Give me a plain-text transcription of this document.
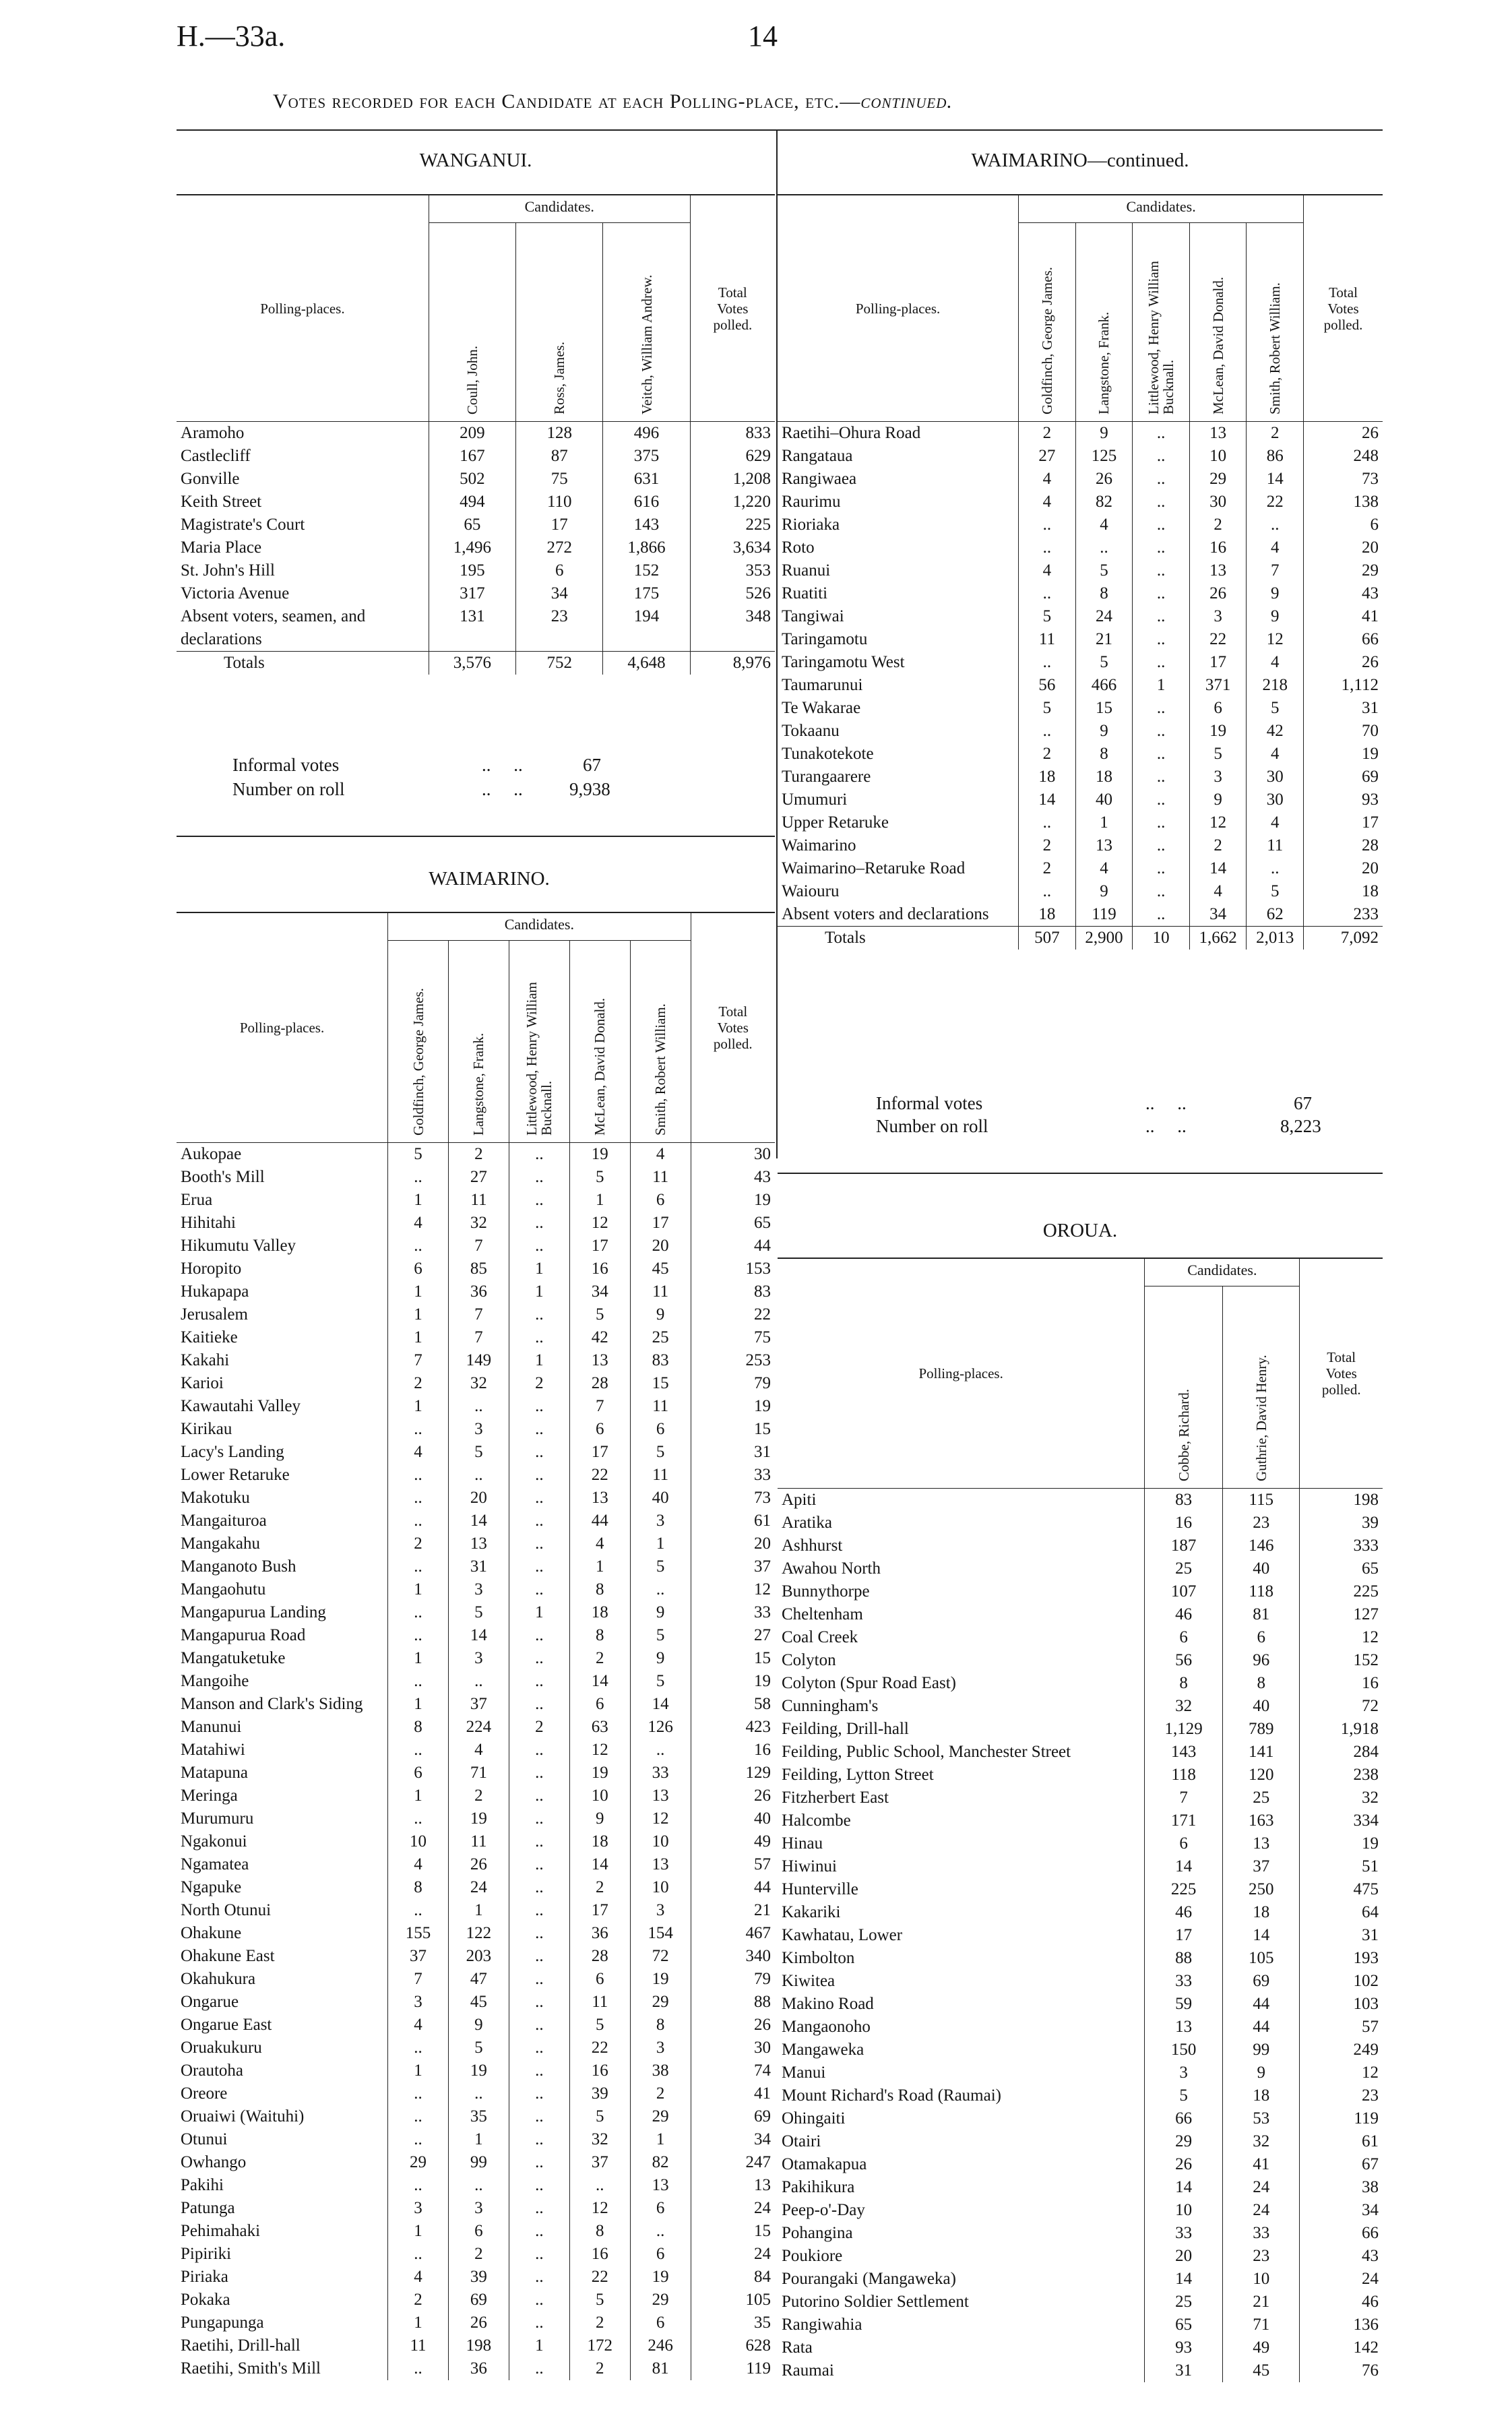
H.—33a.	14
Votes recorded for each Candidate at each Polling-place, etc.—continued.
WANGANUI.
Polling-places.	Candidates.			Total Votes polled.
	Coull, John.	Ross, James.	Veitch, William Andrew.	
Aramoho	209	128	496	833
Castlecliff	167	87	375	629
Gonville	502	75	631	1,208
Keith Street	494	110	616	1,220
Magistrate's Court	65	17	143	225
Maria Place	1,496	272	1,866	3,634
St. John's Hill	195	6	152	353
Victoria Avenue	317	34	175	526
Absent voters, seamen, and declarations	131	23	194	348
Totals	3,576	752	4,648	8,976
Informal votes	..     ..	67
Number on roll	..     ..	9,938
WAIMARINO.
Polling-places.	Candidates.					Total Votes polled.
	Goldfinch, George James.	Langstone, Frank.	Littlewood, Henry William Bucknall.	McLean, David Donald.	Smith, Robert William.	
Aukopae	5	2	..	19	4	30
Booth's Mill	..	27	..	5	11	43
Erua	1	11	..	1	6	19
Hihitahi	4	32	..	12	17	65
Hikumutu Valley	..	7	..	17	20	44
Horopito	6	85	1	16	45	153
Hukapapa	1	36	1	34	11	83
Jerusalem	1	7	..	5	9	22
Kaitieke	1	7	..	42	25	75
Kakahi	7	149	1	13	83	253
Karioi	2	32	2	28	15	79
Kawautahi Valley	1	..	..	7	11	19
Kirikau	..	3	..	6	6	15
Lacy's Landing	4	5	..	17	5	31
Lower Retaruke	..	..	..	22	11	33
Makotuku	..	20	..	13	40	73
Mangaituroa	..	14	..	44	3	61
Mangakahu	2	13	..	4	1	20
Manganoto Bush	..	31	..	1	5	37
Mangaohutu	1	3	..	8	..	12
Mangapurua Landing	..	5	1	18	9	33
Mangapurua Road	..	14	..	8	5	27
Mangatuketuke	1	3	..	2	9	15
Mangoihe	..	..	..	14	5	19
Manson and Clark's Siding	1	37	..	6	14	58
Manunui	8	224	2	63	126	423
Matahiwi	..	4	..	12	..	16
Matapuna	6	71	..	19	33	129
Meringa	1	2	..	10	13	26
Murumuru	..	19	..	9	12	40
Ngakonui	10	11	..	18	10	49
Ngamatea	4	26	..	14	13	57
Ngapuke	8	24	..	2	10	44
North Otunui	..	1	..	17	3	21
Ohakune	155	122	..	36	154	467
Ohakune East	37	203	..	28	72	340
Okahukura	7	47	..	6	19	79
Ongarue	3	45	..	11	29	88
Ongarue East	4	9	..	5	8	26
Oruakukuru	..	5	..	22	3	30
Orautoha	1	19	..	16	38	74
Oreore	..	..	..	39	2	41
Oruaiwi (Waituhi)	..	35	..	5	29	69
Otunui	..	1	..	32	1	34
Owhango	29	99	..	37	82	247
Pakihi	..	..	..	..	13	13
Patunga	3	3	..	12	6	24
Pehimahaki	1	6	..	8	..	15
Pipiriki	..	2	..	16	6	24
Piriaka	4	39	..	22	19	84
Pokaka	2	69	..	5	29	105
Pungapunga	1	26	..	2	6	35
Raetihi, Drill-hall	11	198	1	172	246	628
Raetihi, Smith's Mill	..	36	..	2	81	119
WAIMARINO—continued.
Polling-places.	Candidates.					Total Votes polled.
	Goldfinch, George James.	Langstone, Frank.	Littlewood, Henry William Bucknall.	McLean, David Donald.	Smith, Robert William.	
Raetihi–Ohura Road	2	9	..	13	2	26
Rangataua	27	125	..	10	86	248
Rangiwaea	4	26	..	29	14	73
Raurimu	4	82	..	30	22	138
Rioriaka	..	4	..	2	..	6
Roto	..	..	..	16	4	20
Ruanui	4	5	..	13	7	29
Ruatiti	..	8	..	26	9	43
Tangiwai	5	24	..	3	9	41
Taringamotu	11	21	..	22	12	66
Taringamotu West	..	5	..	17	4	26
Taumarunui	56	466	1	371	218	1,112
Te Wakarae	5	15	..	6	5	31
Tokaanu	..	9	..	19	42	70
Tunakotekote	2	8	..	5	4	19
Turangaarere	18	18	..	3	30	69
Umumuri	14	40	..	9	30	93
Upper Retaruke	..	1	..	12	4	17
Waimarino	2	13	..	2	11	28
Waimarino–Retaruke Road	2	4	..	14	..	20
Waiouru	..	9	..	4	5	18
Absent voters and declarations	18	119	..	34	62	233
Totals	507	2,900	10	1,662	2,013	7,092
Informal votes	..     ..	67
Number on roll	..     ..	8,223
OROUA.
Polling-places.	Candidates.		Total Votes polled.
	Cobbe, Richard.	Guthrie, David Henry.	
Apiti	83	115	198
Aratika	16	23	39
Ashhurst	187	146	333
Awahou North	25	40	65
Bunnythorpe	107	118	225
Cheltenham	46	81	127
Coal Creek	6	6	12
Colyton	56	96	152
Colyton (Spur Road East)	8	8	16
Cunningham's	32	40	72
Feilding, Drill-hall	1,129	789	1,918
Feilding, Public School, Manchester Street	143	141	284
Feilding, Lytton Street	118	120	238
Fitzherbert East	7	25	32
Halcombe	171	163	334
Hinau	6	13	19
Hiwinui	14	37	51
Hunterville	225	250	475
Kakariki	46	18	64
Kawhatau, Lower	17	14	31
Kimbolton	88	105	193
Kiwitea	33	69	102
Makino Road	59	44	103
Mangaonoho	13	44	57
Mangaweka	150	99	249
Manui	3	9	12
Mount Richard's Road (Raumai)	5	18	23
Ohingaiti	66	53	119
Otairi	29	32	61
Otamakapua	26	41	67
Pakihikura	14	24	38
Peep-o'-Day	10	24	34
Pohangina	33	33	66
Poukiore	20	23	43
Pourangaki (Mangaweka)	14	10	24
Putorino Soldier Settlement	25	21	46
Rangiwahia	65	71	136
Rata	93	49	142
Raumai	31	45	76
